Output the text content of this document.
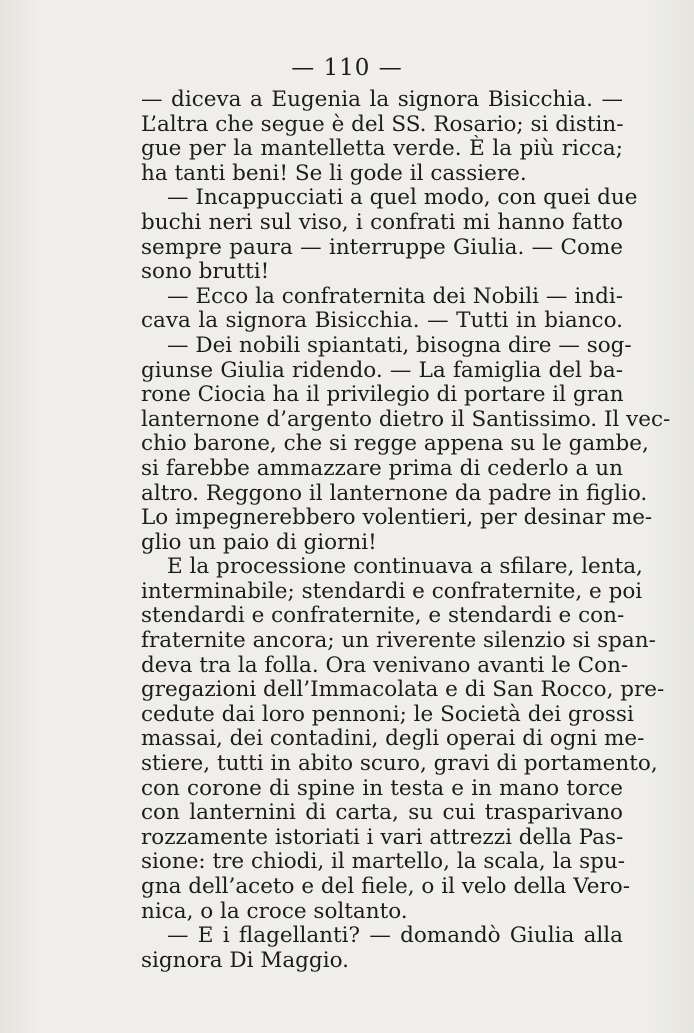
— 110 —
— diceva a Eugenia la signora Bisicchia. —
L’altra che segue è del SS. Rosario; si distin-
gue per la mantelletta verde. È la più ricca;
ha tanti beni! Se li gode il cassiere.
— Incappucciati a quel modo, con quei due
buchi neri sul viso, i confrati mi hanno fatto
sempre paura — interruppe Giulia. — Come
sono brutti!
— Ecco la confraternita dei Nobili — indi-
cava la signora Bisicchia. — Tutti in bianco.
— Dei nobili spiantati, bisogna dire — sog-
giunse Giulia ridendo. — La famiglia del ba-
rone Ciocia ha il privilegio di portare il gran
lanternone d’argento dietro il Santissimo. Il vec-
chio barone, che si regge appena su le gambe,
si farebbe ammazzare prima di cederlo a un
altro. Reggono il lanternone da padre in figlio.
Lo impegnerebbero volentieri, per desinar me-
glio un paio di giorni!
E la processione continuava a sfilare, lenta,
interminabile; stendardi e confraternite, e poi
stendardi e confraternite, e stendardi e con-
fraternite ancora; un riverente silenzio si span-
deva tra la folla. Ora venivano avanti le Con-
gregazioni dell’Immacolata e di San Rocco, pre-
cedute dai loro pennoni; le Società dei grossi
massai, dei contadini, degli operai di ogni me-
stiere, tutti in abito scuro, gravi di portamento,
con corone di spine in testa e in mano torce
con lanternini di carta, su cui trasparivano
rozzamente istoriati i vari attrezzi della Pas-
sione: tre chiodi, il martello, la scala, la spu-
gna dell’aceto e del fiele, o il velo della Vero-
nica, o la croce soltanto.
— E i flagellanti? — domandò Giulia alla
signora Di Maggio.
